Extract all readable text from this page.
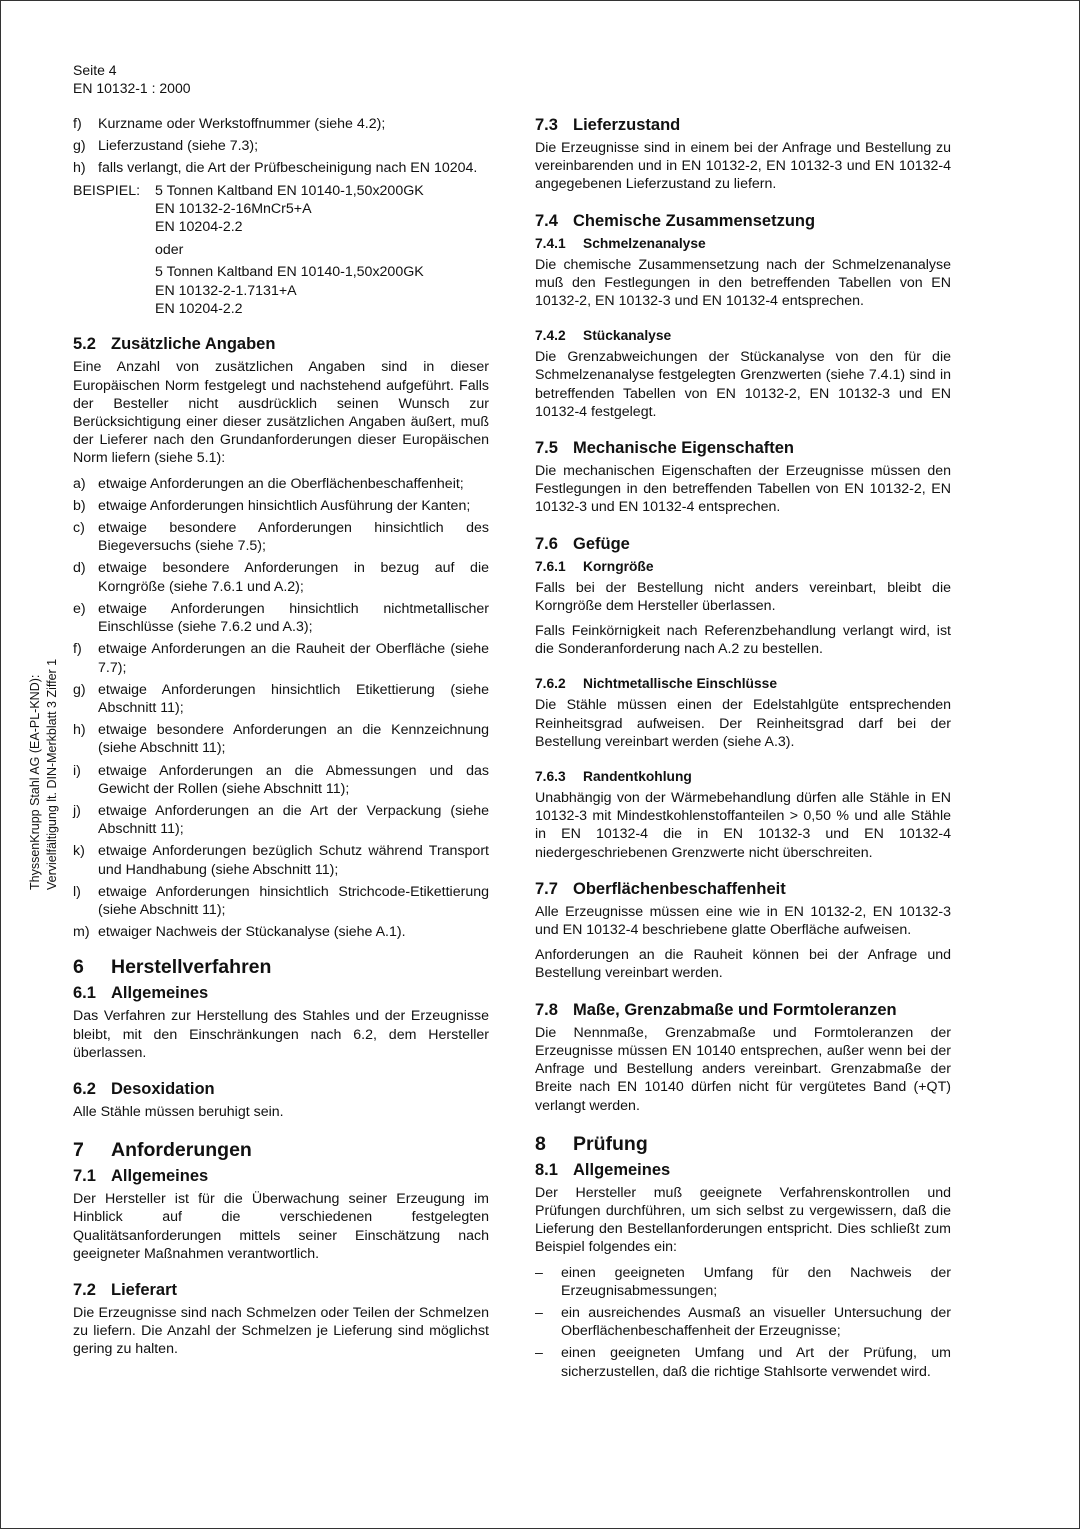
Seite 4
EN 10132-1 : 2000
ThyssenKrupp Stahl AG (EA-PL-KND): Vervielfältigung lt. DIN-Merkblatt 3 Ziffer 1
f)	Kurzname oder Werkstoffnummer (siehe 4.2);
g) Lieferzustand (siehe 7.3);
h) falls verlangt, die Art der Prüfbescheinigung nach EN 10204.
BEISPIEL:	5 Tonnen Kaltband EN 10140-1,50x200GK
EN 10132-2-16MnCr5+A
EN 10204-2.2
oder
5 Tonnen Kaltband EN 10140-1,50x200GK
EN 10132-2-1.7131+A
EN 10204-2.2
5.2 Zusätzliche Angaben

Eine Anzahl von zusätzlichen Angaben sind in dieser Europäischen Norm festgelegt und nachstehend aufgeführt. Falls der Besteller nicht ausdrücklich seinen Wunsch zur Berücksichtigung einer dieser zusätzlichen Angaben äußert, muß der Lieferer nach den Grundanforderungen dieser Europäischen Norm liefern (siehe 5.1):

a) etwaige Anforderungen an die Oberflächenbeschaffenheit;
b) etwaige Anforderungen hinsichtlich Ausführung der Kanten;
c) etwaige besondere Anforderungen hinsichtlich des Biegeversuchs (siehe 7.5);
d) etwaige besondere Anforderungen in bezug auf die Korngröße (siehe 7.6.1 und A.2);
e) etwaige Anforderungen hinsichtlich nichtmetallischer Einschlüsse (siehe 7.6.2 und A.3);
f)	etwaige Anforderungen an die Rauheit der Oberfläche (siehe 7.7);
g) etwaige Anforderungen hinsichtlich Etikettierung (siehe Abschnitt 11);
h) etwaige besondere Anforderungen an die Kennzeichnung (siehe Abschnitt 11);
i)	etwaige Anforderungen an die Abmessungen und das Gewicht der Rollen (siehe Abschnitt 11);
j)	etwaige Anforderungen an die Art der Verpackung (siehe Abschnitt 11);
k) etwaige Anforderungen bezüglich Schutz während Transport und Handhabung (siehe Abschnitt 11);
l)	etwaige Anforderungen hinsichtlich Strichcode-Etikettierung (siehe Abschnitt 11);
m) etwaiger Nachweis der Stückanalyse (siehe A.1).
6 Herstellverfahren
6.1 Allgemeines

Das Verfahren zur Herstellung des Stahles und der Erzeugnisse bleibt, mit den Einschränkungen nach 6.2, dem Hersteller überlassen.

6.2 Desoxidation

Alle Stähle müssen beruhigt sein.

7 Anforderungen
7.1 Allgemeines

Der Hersteller ist für die Überwachung seiner Erzeugung im Hinblick auf die verschiedenen festgelegten Qualitätsanforderungen mittels seiner Einschätzung nach geeigneter Maßnahmen verantwortlich.

7.2 Lieferart

Die Erzeugnisse sind nach Schmelzen oder Teilen der Schmelzen zu liefern. Die Anzahl der Schmelzen je Lieferung sind möglichst gering zu halten.

7.3 Lieferzustand

Die Erzeugnisse sind in einem bei der Anfrage und Bestellung zu vereinbarenden und in EN 10132-2, EN 10132-3 und EN 10132-4 angegebenen Lieferzustand zu liefern.

7.4 Chemische Zusammensetzung
7.4.1 Schmelzenanalyse

Die chemische Zusammensetzung nach der Schmelzenanalyse muß den Festlegungen in den betreffenden Tabellen von EN 10132-2, EN 10132-3 und EN 10132-4 entsprechen.

7.4.2 Stückanalyse

Die Grenzabweichungen der Stückanalyse von den für die Schmelzenanalyse festgelegten Grenzwerten (siehe 7.4.1) sind in betreffenden Tabellen von EN 10132-2, EN 10132-3 und EN 10132-4 festgelegt.

7.5 Mechanische Eigenschaften

Die mechanischen Eigenschaften der Erzeugnisse müssen den Festlegungen in den betreffenden Tabellen von EN 10132-2, EN 10132-3 und EN 10132-4 entsprechen.

7.6 Gefüge
7.6.1 Korngröße

Falls bei der Bestellung nicht anders vereinbart, bleibt die Korngröße dem Hersteller überlassen.

Falls Feinkörnigkeit nach Referenzbehandlung verlangt wird, ist die Sonderanforderung nach A.2 zu bestellen.

7.6.2 Nichtmetallische Einschlüsse

Die Stähle müssen einen der Edelstahlgüte entsprechenden Reinheitsgrad aufweisen. Der Reinheitsgrad darf bei der Bestellung vereinbart werden (siehe A.3).

7.6.3 Randentkohlung

Unabhängig von der Wärmebehandlung dürfen alle Stähle in EN 10132-3 mit Mindestkohlenstoffanteilen > 0,50 % und alle Stähle in EN 10132-4 die in EN 10132-3 und EN 10132-4 niedergeschriebenen Grenzwerte nicht überschreiten.

7.7 Oberflächenbeschaffenheit

Alle Erzeugnisse müssen eine wie in EN 10132-2, EN 10132-3 und EN 10132-4 beschriebene glatte Oberfläche aufweisen.

Anforderungen an die Rauheit können bei der Anfrage und Bestellung vereinbart werden.

7.8 Maße, Grenzabmaße und Formtoleranzen

Die Nennmaße, Grenzabmaße und Formtoleranzen der Erzeugnisse müssen EN 10140 entsprechen, außer wenn bei der Anfrage und Bestellung anders vereinbart. Grenzabmaße der Breite nach EN 10140 dürfen nicht für vergütetes Band (+QT) verlangt werden.

8 Prüfung
8.1 Allgemeines

Der Hersteller muß geeignete Verfahrenskontrollen und Prüfungen durchführen, um sich selbst zu vergewissern, daß die Lieferung den Bestellanforderungen entspricht. Dies schließt zum Beispiel folgendes ein:

–	einen geeigneten Umfang für den Nachweis der Erzeugnisabmessungen;
–	ein ausreichendes Ausmaß an visueller Untersuchung der Oberflächenbeschaffenheit der Erzeugnisse;
–	einen geeigneten Umfang und Art der Prüfung, um sicherzustellen, daß die richtige Stahlsorte verwendet wird.
